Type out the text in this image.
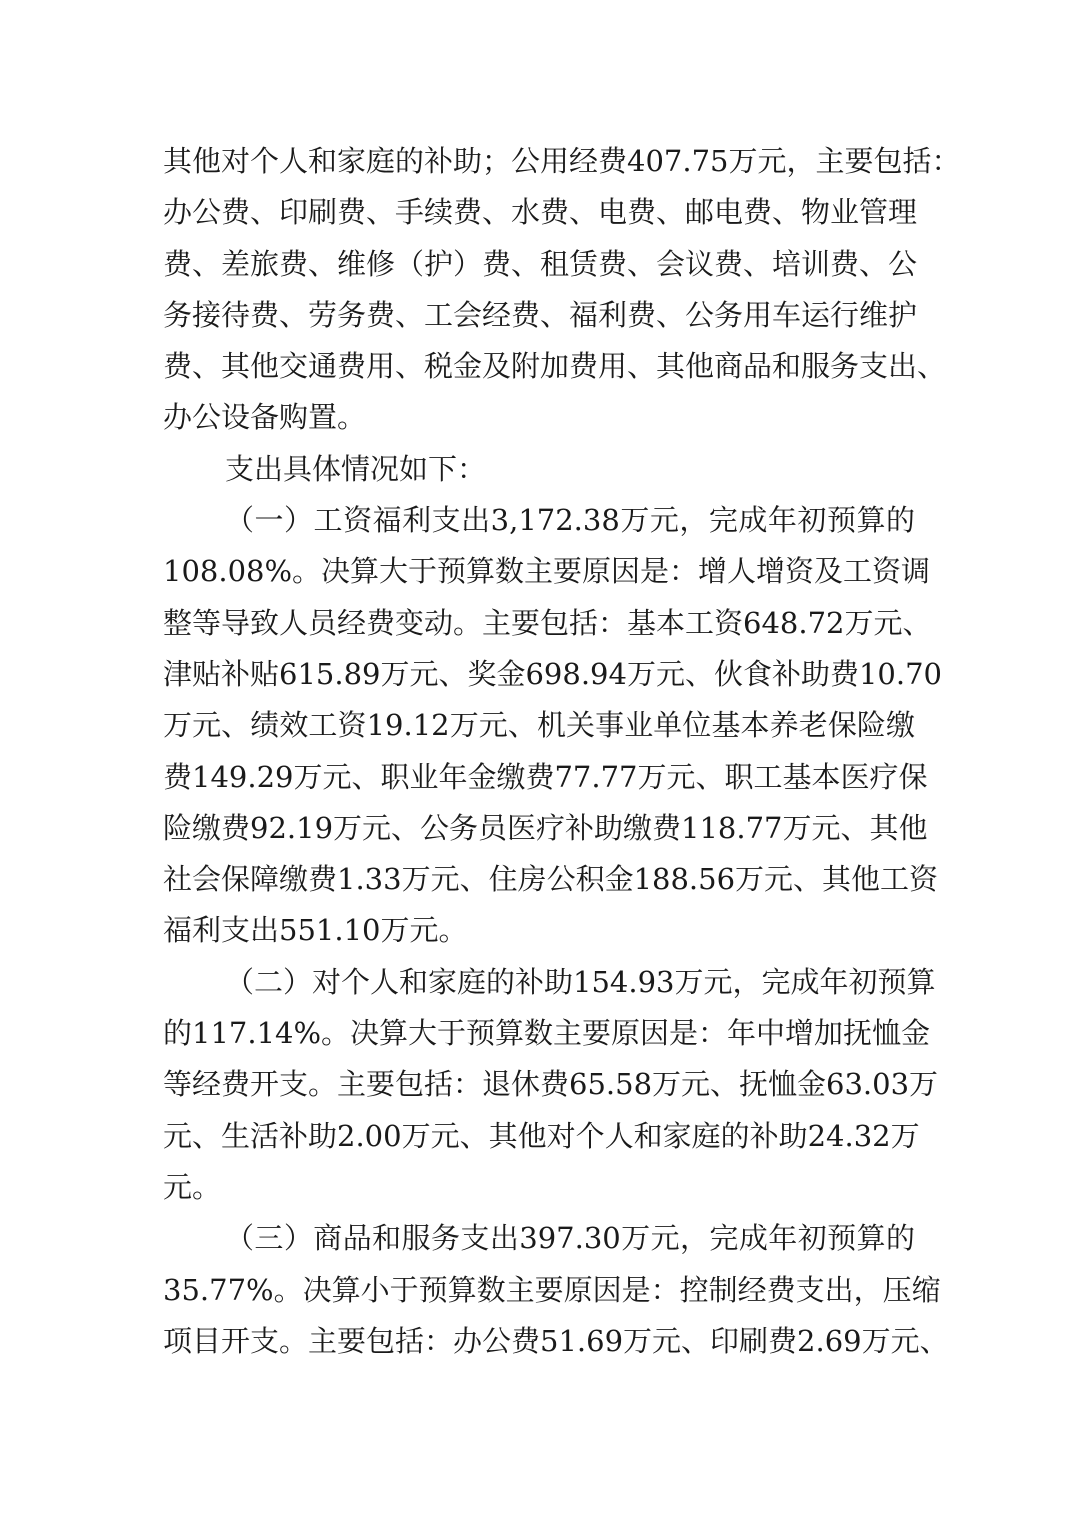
其他对个人和家庭的补助；公用经费407.75万元，主要包括：
办公费、印刷费、手续费、水费、电费、邮电费、物业管理
费、差旅费、维修（护）费、租赁费、会议费、培训费、公
务接待费、劳务费、工会经费、福利费、公务用车运行维护
费、其他交通费用、税金及附加费用、其他商品和服务支出、
办公设备购置。
支出具体情况如下：
（一）工资福利支出3,172.38万元，完成年初预算的
108.08%。决算大于预算数主要原因是：增人增资及工资调
整等导致人员经费变动。主要包括：基本工资648.72万元、
津贴补贴615.89万元、奖金698.94万元、伙食补助费10.70
万元、绩效工资19.12万元、机关事业单位基本养老保险缴
费149.29万元、职业年金缴费77.77万元、职工基本医疗保
险缴费92.19万元、公务员医疗补助缴费118.77万元、其他
社会保障缴费1.33万元、住房公积金188.56万元、其他工资
福利支出551.10万元。
（二）对个人和家庭的补助154.93万元，完成年初预算
的117.14%。决算大于预算数主要原因是：年中增加抚恤金
等经费开支。主要包括：退休费65.58万元、抚恤金63.03万
元、生活补助2.00万元、其他对个人和家庭的补助24.32万
元。
（三）商品和服务支出397.30万元，完成年初预算的
35.77%。决算小于预算数主要原因是：控制经费支出，压缩
项目开支。主要包括：办公费51.69万元、印刷费2.69万元、
